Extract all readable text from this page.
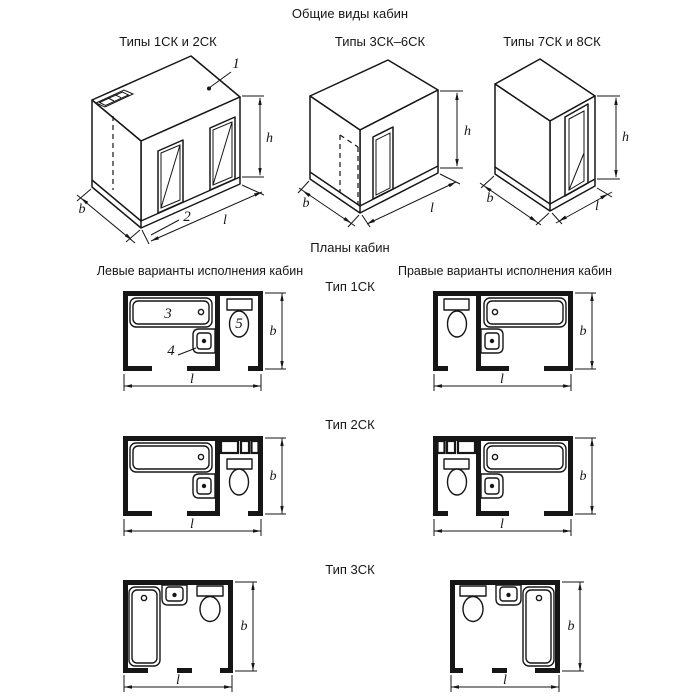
Общие виды кабин
Типы 1СК и 2СК	Типы 3СК–6СК	Типы 7СК и 8СК
Планы кабин
Левые варианты исполнения кабин	Правые варианты исполнения кабин
Тип 1СК
Тип 2СК
Тип 3СК
1
2
h
l
b
h
l
b
h
b
l
3
4
5 b
l
b
l
b
l
b
l
b
l
b
l
